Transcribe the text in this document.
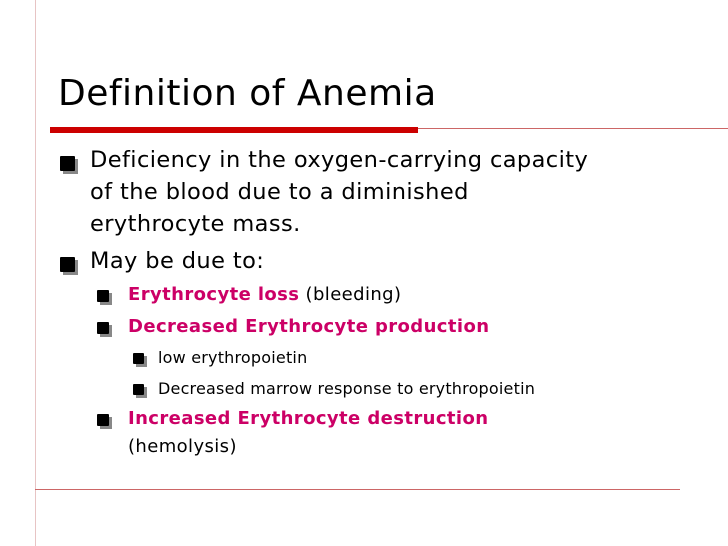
Definition of Anemia
Deficiency in the oxygen-carrying capacity
of the blood due to a diminished
erythrocyte mass.
May be due to:
Erythrocyte loss (bleeding)
Decreased Erythrocyte production
low erythropoietin
Decreased marrow response to erythropoietin
Increased Erythrocyte destruction
(hemolysis)
